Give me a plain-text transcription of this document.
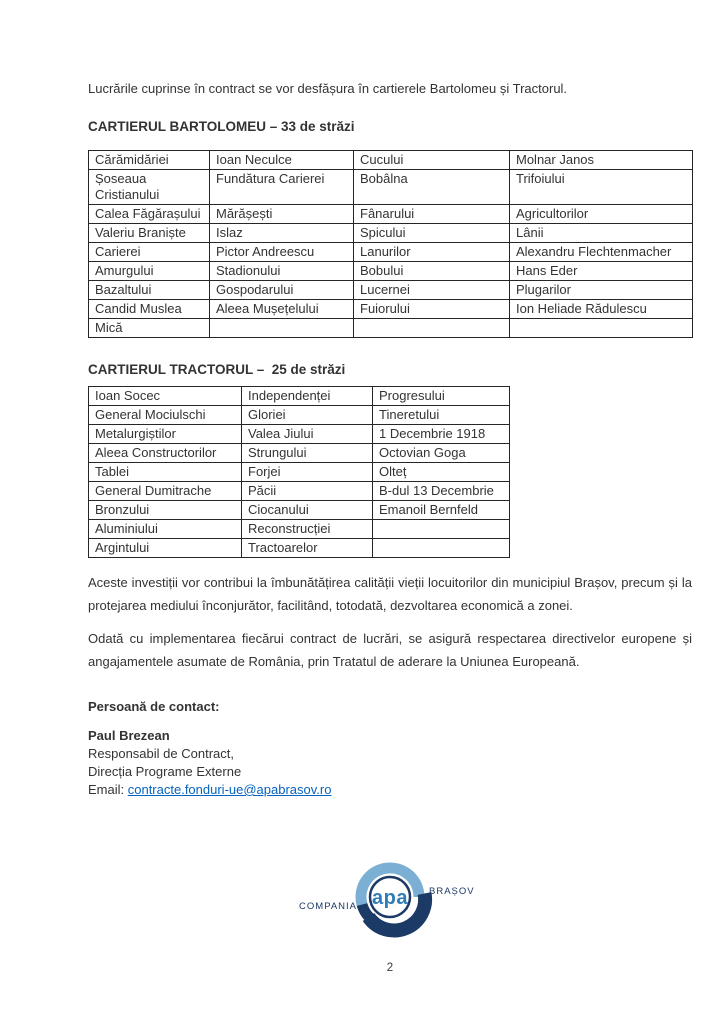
Lucrările cuprinse în contract se vor desfășura în cartierele Bartolomeu și Tractorul.

CARTIERUL BARTOLOMEU – 33 de străzi

Cărămidăriei	Ioan Neculce	Cucului	Molnar Janos
Șoseaua Cristianului	Fundătura Carierei	Bobâlna	Trifoiului
Calea Făgărașului	Mărășești	Fânarului	Agricultorilor
Valeriu Braniște	Islaz	Spicului	Lânii
Carierei	Pictor Andreescu	Lanurilor	Alexandru Flechtenmacher
Amurgului	Stadionului	Bobului	Hans Eder
Bazaltului	Gospodarului	Lucernei	Plugarilor
Candid Muslea	Aleea Mușețelului	Fuiorului	Ion Heliade Rădulescu
Mică			

CARTIERUL TRACTORUL –  25 de străzi

Ioan Socec	Independenței	Progresului
General Mociulschi	Gloriei	Tineretului
Metalurgiștilor	Valea Jiului	1 Decembrie 1918
Aleea Constructorilor	Strungului	Octovian Goga
Tablei	Forjei	Olteț
General Dumitrache	Păcii	B-dul 13 Decembrie
Bronzului	Ciocanului	Emanoil Bernfeld
Aluminiului	Reconstrucției	
Argintului	Tractoarelor	

Aceste investiții vor contribui la îmbunătățirea calității vieții locuitorilor din municipiul Brașov, precum și la protejarea mediului înconjurător, facilitând, totodată, dezvoltarea economică a zonei.

Odată cu implementarea fiecărui contract de lucrări, se asigură respectarea directivelor europene și angajamentele asumate de România, prin Tratatul de aderare la Uniunea Europeană.

Persoană de contact:

Paul Brezean
Responsabil de Contract,
Direcția Programe Externe
Email: contracte.fonduri-ue@apabrasov.ro
apa
COMPANIA
BRAȘOV
2
